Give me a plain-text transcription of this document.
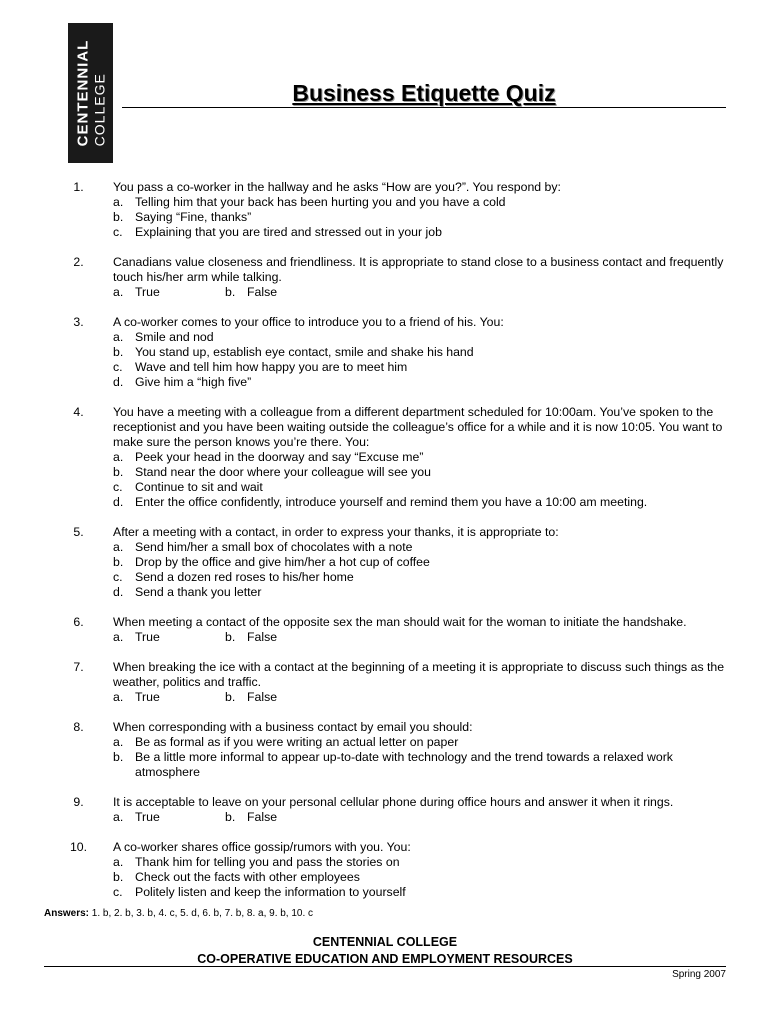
CENTENNIAL COLLEGE	Business Etiquette Quiz
1.	You pass a co-worker in the hallway and he asks “How are you?”. You respond by:
a. Telling him that your back has been hurting you and you have a cold
b. Saying “Fine, thanks”
c.	Explaining that you are tired and stressed out in your job
2.	Canadians value closeness and friendliness. It is appropriate to stand close to a business contact and frequently touch his/her arm while talking.
a. True	b. False
3.	A co-worker comes to your office to introduce you to a friend of his. You:
a. Smile and nod
b. You stand up, establish eye contact, smile and shake his hand
c.	Wave and tell him how happy you are to meet him
d. Give him a “high five”
4.	You have a meeting with a colleague from a different department scheduled for 10:00am. You’ve spoken to the receptionist and you have been waiting outside the colleague’s office for a while and it is now 10:05. You want to make sure the person knows you’re there. You:
a. Peek your head in the doorway and say “Excuse me”
b. Stand near the door where your colleague will see you
c.	Continue to sit and wait
d. Enter the office confidently, introduce yourself and remind them you have a 10:00 am meeting.
5.	After a meeting with a contact, in order to express your thanks, it is appropriate to:
a. Send him/her a small box of chocolates with a note
b. Drop by the office and give him/her a hot cup of coffee
c.	Send a dozen red roses to his/her home
d. Send a thank you letter
6.	When meeting a contact of the opposite sex the man should wait for the woman to initiate the handshake.
a. True	b. False
7.	When breaking the ice with a contact at the beginning of a meeting it is appropriate to discuss such things as the weather, politics and traffic.
a. True	b. False
8.	When corresponding with a business contact by email you should:
a. Be as formal as if you were writing an actual letter on paper
b. Be a little more informal to appear up-to-date with technology and the trend towards a relaxed work atmosphere
9.	It is acceptable to leave on your personal cellular phone during office hours and answer it when it rings.
a. True	b. False
10.	A co-worker shares office gossip/rumors with you. You:
a. Thank him for telling you and pass the stories on
b. Check out the facts with other employees
c.	Politely listen and keep the information to yourself
Answers: 1. b, 2. b, 3. b, 4. c, 5. d, 6. b, 7. b, 8. a, 9. b, 10. c
CENTENNIAL COLLEGE
CO-OPERATIVE EDUCATION AND EMPLOYMENT RESOURCES
Spring 2007
